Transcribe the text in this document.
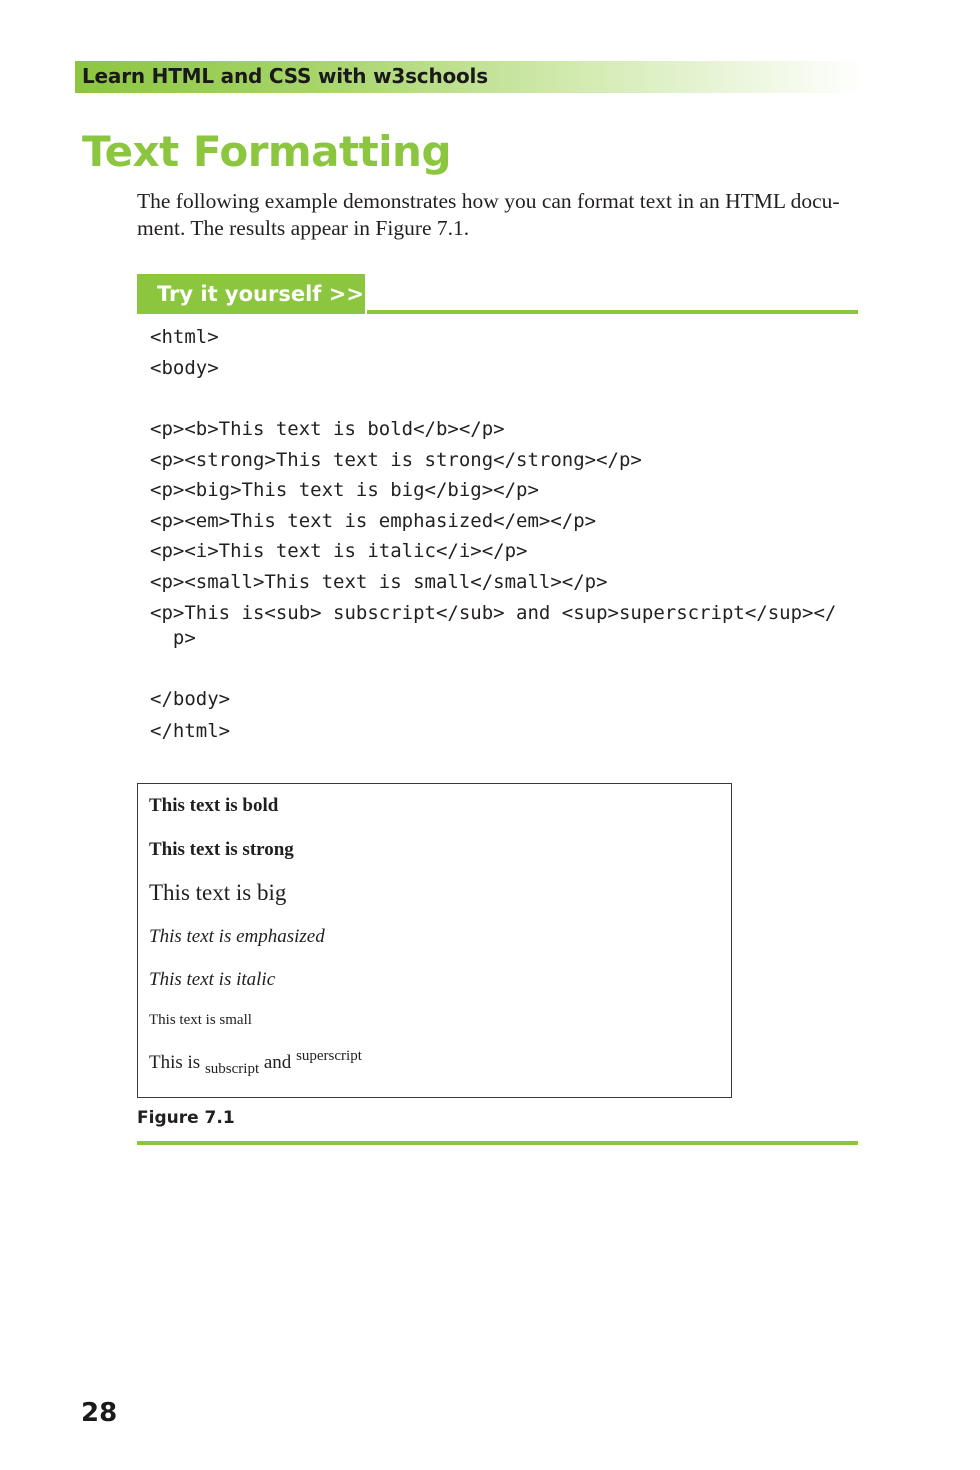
Learn HTML and CSS with w3schools
Text Formatting

The following example demonstrates how you can format text in an HTML docu-
ment. The results appear in Figure 7.1.

Try it yourself >>
<html>
<body>
<p><b>This text is bold</b></p>
<p><strong>This text is strong</strong></p>
<p><big>This text is big</big></p>
<p><em>This text is emphasized</em></p>
<p><i>This text is italic</i></p>
<p><small>This text is small</small></p>
<p>This is<sub> subscript</sub> and <sup>superscript</sup></
p>
</body>
</html>
This text is bold
This text is strong
This text is big
This text is emphasized
This text is italic
This text is small
This is $_{subscript}$ and $^{superscript}$
Figure 7.1
28
